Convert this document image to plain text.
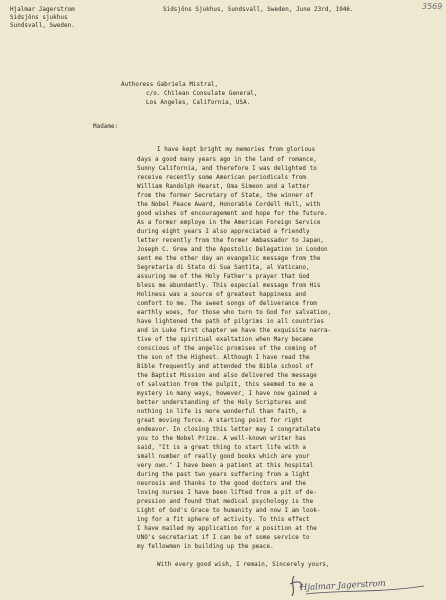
3569
Hjalmar Jagerstrom
Sidsjöns sjukhus
Sundsvall, Sweden.
Sidsjöns Sjukhus, Sundsvall, Sweden, June 23rd, 1946.
Authoress Gabriela Mistral,
c/o. Chilean Consulate General,
Los Angeles, California, USA.
Madame:
I have kept bright my memories from glorious
days a good many years ago in the land of romance,
Sunny California, and therefore I was delighted to
receive recently some American periodicals from
William Randolph Hearst, Oma Simeon and a letter
from the former Secretary of State, the winner of
the Nobel Peace Award, Honorable Cordell Hull, with
good wishes of encouragement and hope for the future.
As a former employe in the American Foreign Service
during eight years I also appreciated a friendly
letter recently from the former Ambassador to Japan,
Joseph C. Grew and the Apostolic Delegation in London
sent me the other day an evangelic message from the
Segretaria di Stato di Sua Santita, al Vaticano,
assuring me of the Holy Father's prayer that God
bless me abundantly. This especial message from His
Holiness was a source of greatest happiness and
comfort to me. The sweet songs of deliverance from
earthly woes, for those who turn to God for salvation,
have lightened the path of pilgrims in all countries
and in Luke first chapter we have the exquisite narra-
tive of the spiritual exaltation when Mary became
conscious of the angelic promises of the coming of
the son of the Highest. Although I have read the
Bible frequently and attended the Bible school of
the Baptist Mission and also delivered the message
of salvation from the pulpit, this seemed to me a
mystery in many ways, however, I have now gained a
better understanding of the Holy Scriptures and
nothing in life is more wonderful than faith, a
great moving force. A starting point for right
endeavor. In closing this letter may I congratulate
you to the Nobel Prize. A well-known writer has
said, "It is a great thing to start life with a
small number of really good books which are your
very own." I have been a patient at this hospital
during the past two years suffering from a light
neurosis and thanks to the good doctors and the
loving nurses I have been lifted from a pit of de-
pression and found that medical psychology is the
Light of God's Grace to humanity and now I am look-
ing for a fit sphere of activity. To this effect
I have mailed my application for a position at the
UNO's secretariat if I can be of some service to
my fellowmen in building up the peace.
With every good wish, I remain, Sincerely yours,
Hjalmar Jagerstrom
